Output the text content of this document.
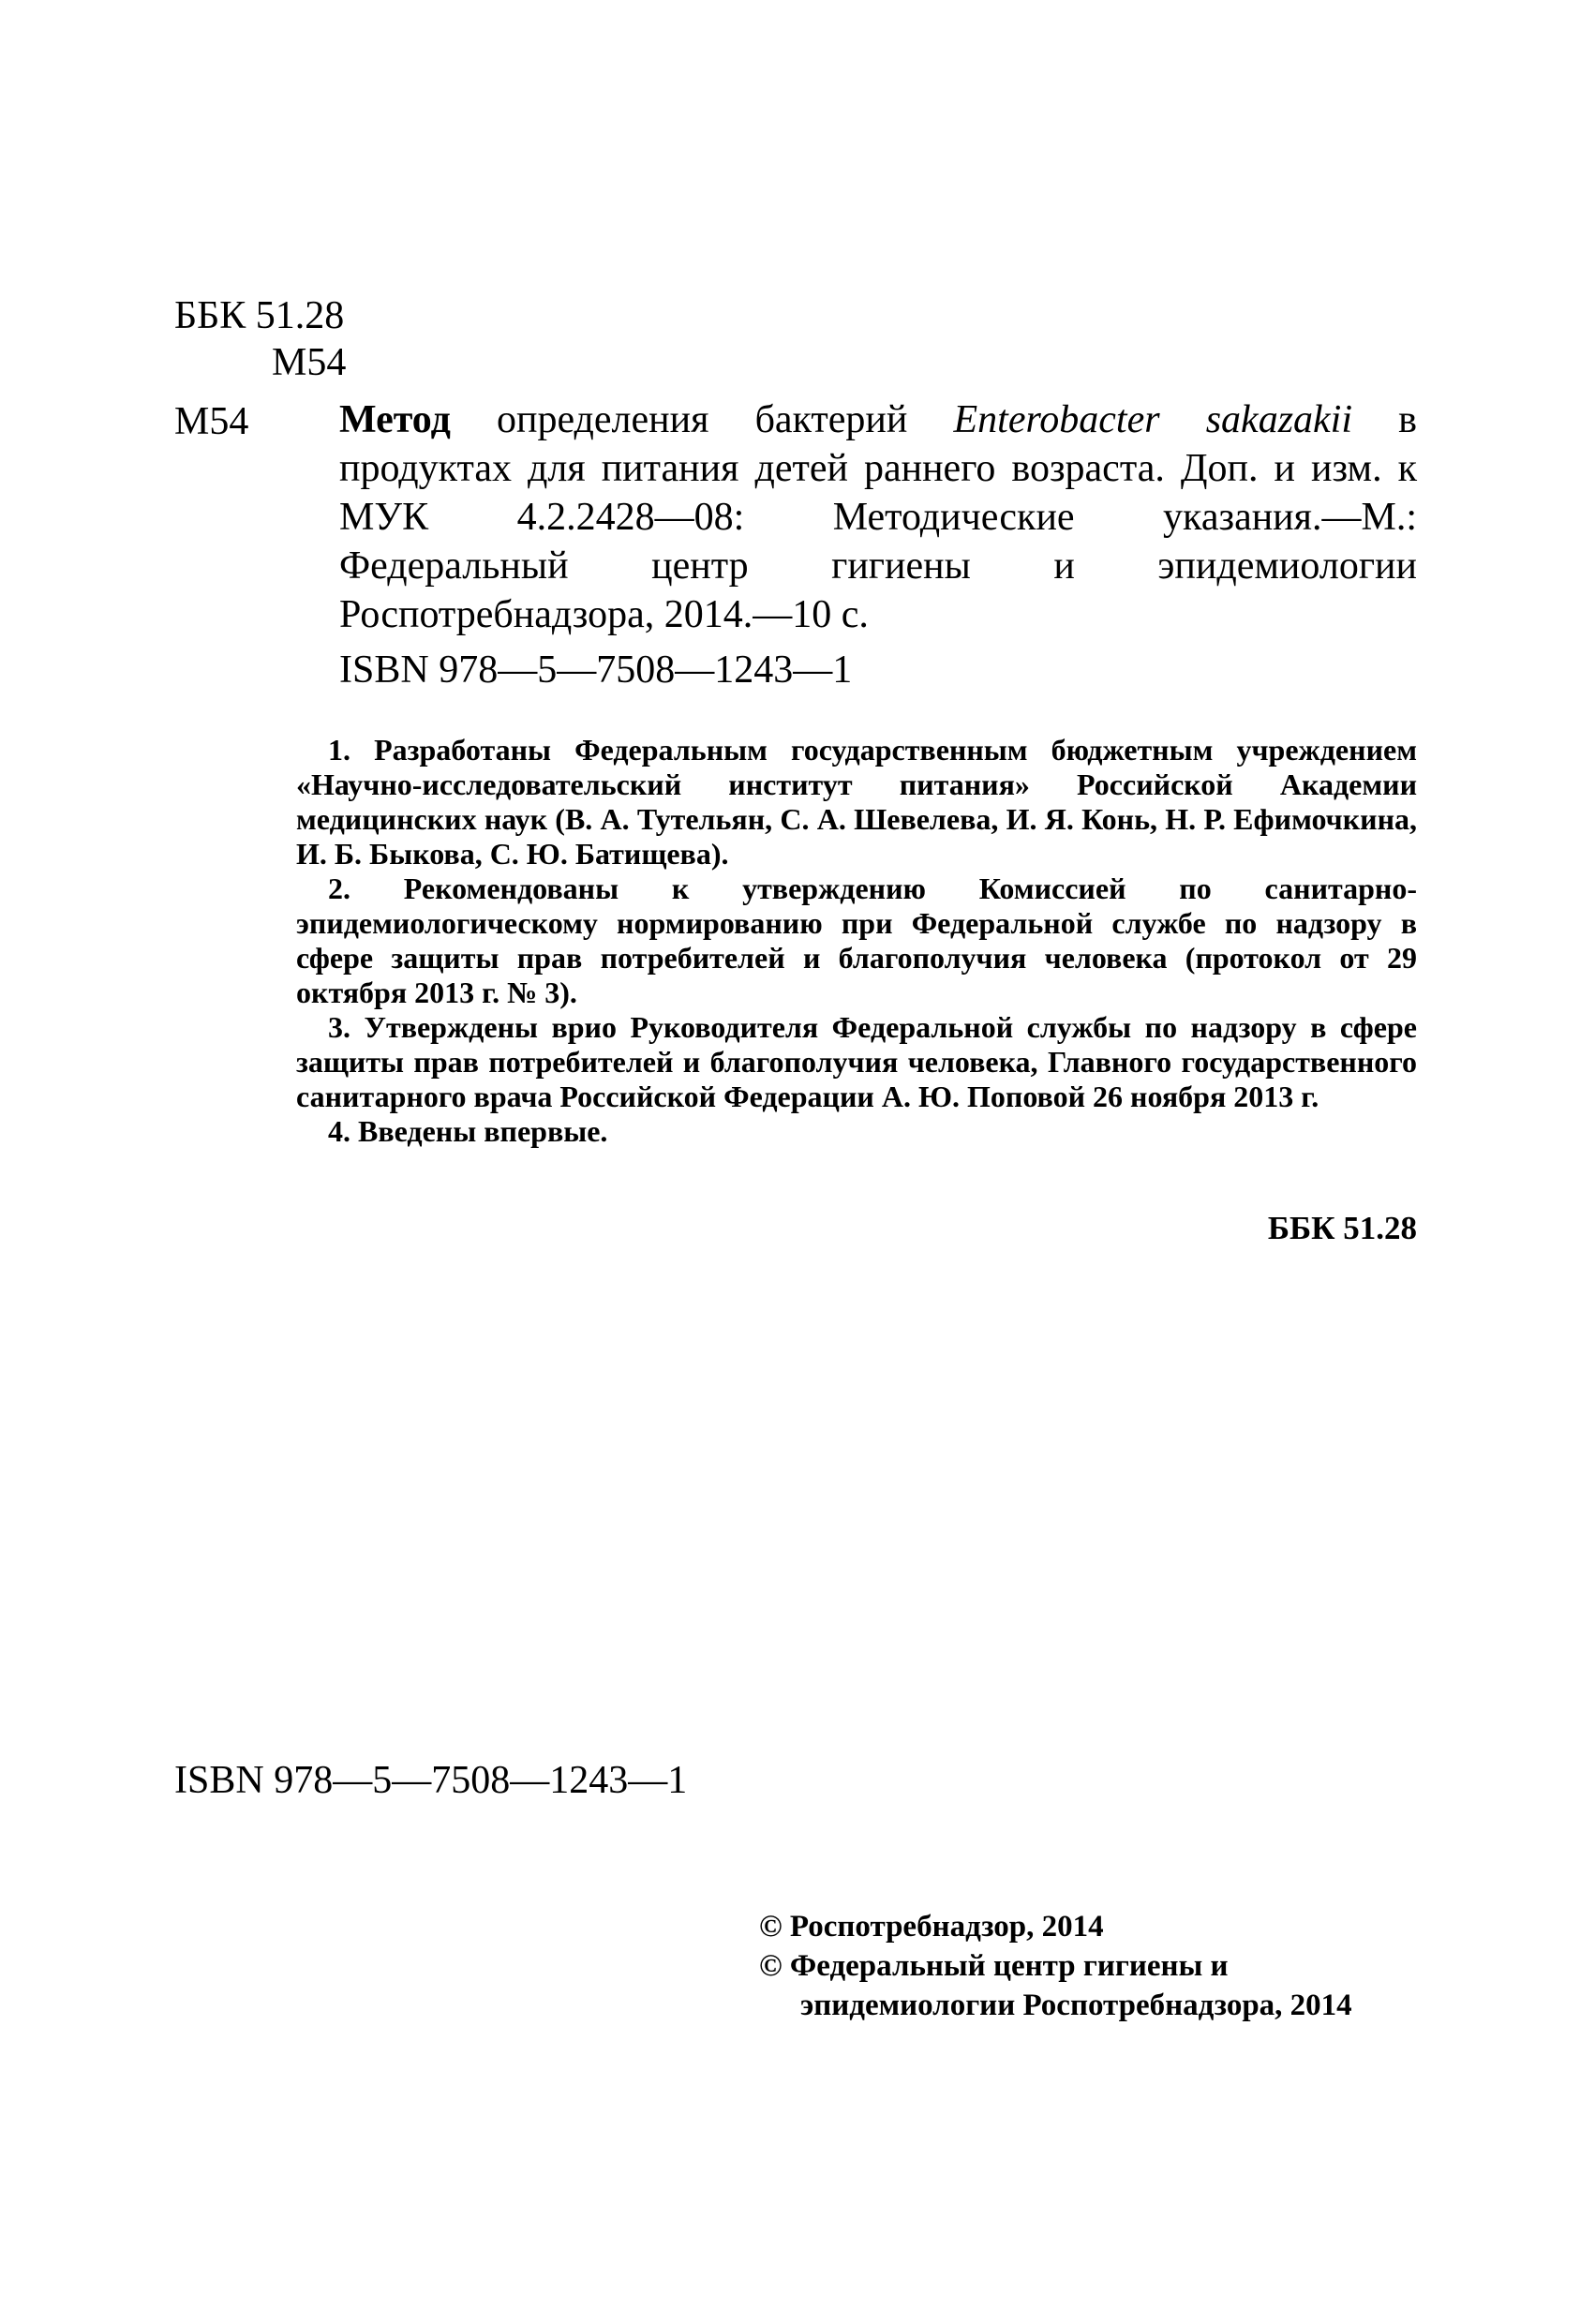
ББК 51.28
М54
М54 Метод определения бактерий Enterobacter sakazakii в продуктах для питания детей раннего возраста. Доп. и изм. к МУК 4.2.2428—08: Методические указания.—М.: Федеральный центр гигиены и эпидемиологии Роспотребнадзора, 2014.—10 с.
ISBN 978—5—7508—1243—1

1. Разработаны Федеральным государственным бюджетным учреждением «Научно-исследовательский институт питания» Российской Академии медицинских наук (В. А. Тутельян, С. А. Шевелева, И. Я. Конь, Н. Р. Ефимочкина, И. Б. Быкова, С. Ю. Батищева).

2. Рекомендованы к утверждению Комиссией по санитарно-эпидемиологическому нормированию при Федеральной службе по надзору в сфере защиты прав потребителей и благополучия человека (протокол от 29 октября 2013 г. № 3).

3. Утверждены врио Руководителя Федеральной службы по надзору в сфере защиты прав потребителей и благополучия человека, Главного государственного санитарного врача Российской Федерации А. Ю. Поповой 26 ноября 2013 г.

4. Введены впервые.

ББК 51.28
ISBN 978—5—7508—1243—1
© Роспотребнадзор, 2014
© Федеральный центр гигиены и
эпидемиологии Роспотребнадзора, 2014
